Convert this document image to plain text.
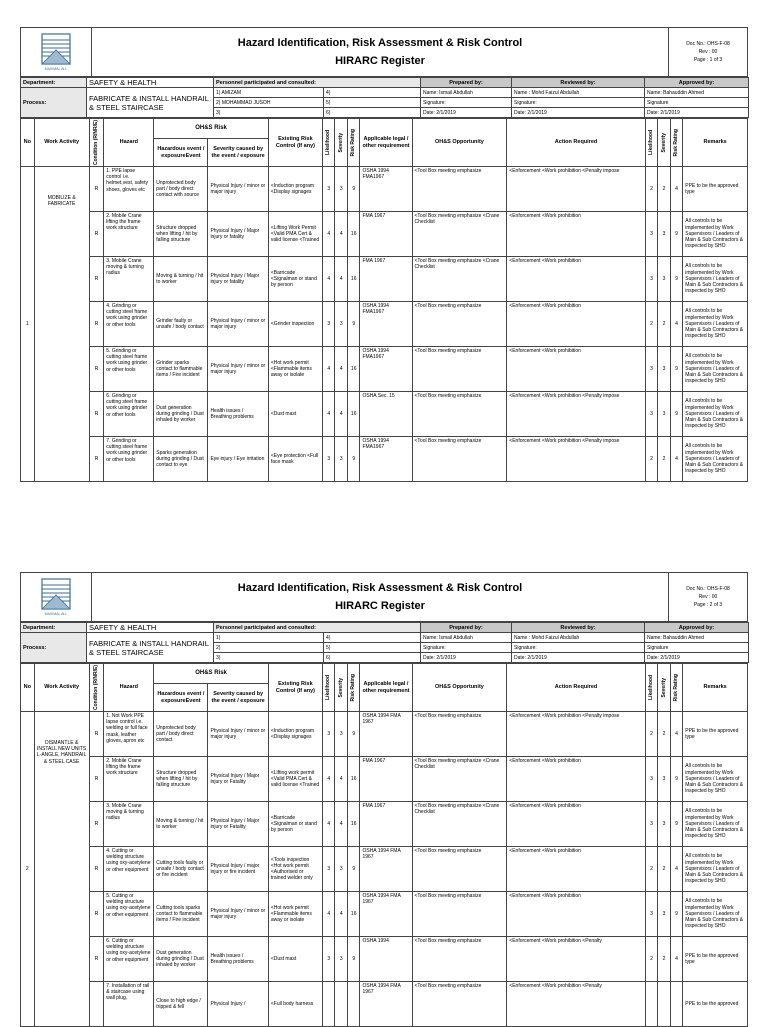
MAXIMAL ALL

Hazard Identification, Risk Assessment & Risk Control
HIRARC Register

Doc No.: OHS-F-08
Rev : 00
Page : 1 of 3
Department:	SAFETY & HEALTH	Personnel participated and consulted:		Prepared by:	Reviewed by:	Approved by:
Process:	FABRICATE & INSTALL HANDRAIL & STEEL STAIRCASE	1) AMIZAM	4)	Name: Ismail Abdullah	Name : Mohd Faizul Abdullah	Name: Bahauddin Ahmed
		2) MOHAMMAD JUSOH	5)	Signature:	Signature:	Signature
		3)	6)	Date: 2/1/2019	Date: 2/1/2019	Date: 2/1/2019
No	Work Activity	Condition (R/NR/E)	Hazard	OH&S Risk		Existing Risk Control (If any)	Likelihood	Severity	Risk Rating	Applicable legal / other requirement	OH&S Opportunity	Action Required	Likelihood	Severity	Risk Rating	Remarks
				Hazardous event / exposureEvent	Severity caused by the event / exposure											
1	MOBILIZE & FABRICATE	R	1. PPE lapse control i.e. helmet,vest, safety shoes, gloves etc	Unprotected body part / body direct contact with source	Physical Injury / minor or major injury	<Induction program <Display signages	3	3	9	OSHA 1994 FMA1967	<Tool Box meeting emphasize	<Enforcement <Work prohibition <Penalty impose	2	2	4	PPE to be the approved type
		R	2. Mobile Crane lifting the frame work structure	Structure dropped when lifting / hit by falling structure	Physical Injury / Major injury or fatality	<Lifting Work Permit <Valid PMA Cert & valid license <Trained	4	4	16	FMA 1967	<Tool Box meeting emphasize <Crane Checklist	<Enforcement <Work prohibition	3	3	9	All controls to be implemented by Work Supervisors / Leaders of Main & Sub Contractors & inspected by SHO
		R	3. Mobile Crane moving & turning radius	Moving & turning / hit to worker	Physical Injury / Major injury or fatality	<Barricade <Signalman or stand by person	4	4	16	FMA 1967	<Tool Box meeting emphasize <Crane Checklist	<Enforcement <Work prohibition	3	3	9	All controls to be implemented by Work Supervisors / Leaders of Main & Sub Contractors & inspected by SHO
		R	4. Grinding or cutting steel frame work using grinder or other tools	Grinder faulty or unsafe / body contact	Physical Injury / minor or major injury	<Grinder inspection	3	3	9	OSHA 1994 FMA1967	<Tool Box meeting emphasize	<Enforcement <Work prohibition	2	2	4	All controls to be implemented by Work Supervisors / Leaders of Main & Sub Contractors & inspected by SHO
		R	5. Grinding or cutting steel frame work using grinder or other tools	Grinder sparks contact to flammable items / Fire incident	Physical Injury / minor or major injury	<Hot work permit <Flammable items away or isolate	4	4	16	OSHA 1994 FMA1967	<Tool Box meeting emphasize	<Enforcement <Work prohibition	3	3	9	All controls to be implemented by Work Supervisors / Leaders of Main & Sub Contractors & inspected by SHO
		R	6. Grinding or cutting steel frame work using grinder or other tools	Dust generation during grinding / Dust inhaled by worker	Health issues / Breathing problems	<Dust mast	4	4	16	OSHA Sec. 15	<Tool Box meeting emphasize	<Enforcement <Work prohibition <Penalty impose	3	3	9	All controls to be implemented by Work Supervisors / Leaders of Main & Sub Contractors & inspected by SHO
		R	7. Grinding or cutting steel frame work using grinder or other tools	Sparks generation during grinding / Dust contact to eye	Eye injury / Eye irritation	<Eye protection <Full face mask	3	3	9	OSHA 1994 FMA1967	<Tool Box meeting emphasize	<Enforcement <Work prohibition <Penalty impose	2	2	4	All controls to be implemented by Work Supervisors / Leaders of Main & Sub Contractors & inspected by SHO
MAXIMAL ALL

Hazard Identification, Risk Assessment & Risk Control
HIRARC Register

Doc No.: OHS-F-08
Rev : 00
Page : 2 of 3
Department:	SAFETY & HEALTH	Personnel participated and consulted:		Prepared by:	Reviewed by:	Approved by:
Process:	FABRICATE & INSTALL HANDRAIL & STEEL STAIRCASE	1)	4)	Name: Ismail Abdullah	Name : Mohd Faizul Abdullah	Name: Bahauddin Ahmed
		2)	5)	Signature:	Signature:	Signature
		3)	6)	Date: 2/1/2019	Date: 2/1/2019	Date: 2/1/2019
No	Work Activity	Condition (R/NR/E)	Hazard	OH&S Risk		Existing Risk Control (If any)	Likelihood	Severity	Risk Rating	Applicable legal / other requirement	OH&S Opportunity	Action Required	Likelihood	Severity	Risk Rating	Remarks
				Hazardous event / exposureEvent	Severity caused by the event / exposure											
2	DISMANTLE & INSTALL NEW UNITS L-ANGLE, HANDRAIL & STEEL CASE	R	1. Not Work PPE lapse control i.e. welding or full face mask, leather gloves, apron etc	Unprotected body part / body direct contact	Physical Injury / minor or major injury	<Induction program <Display signages	3	3	9	OSHA 1994 FMA 1967	<Tool Box meeting emphasize	<Enforcement <Work prohibition <Penalty impose	2	2	4	PPE to be the approved type
		R	2. Mobile Crane lifting the frame work structure	Structure dropped when lifting / hit by falling structure	Physical Injury / Major injury or Fatality	<Lifting work permit <Valid PMA Cert & valid license <Trained	4	4	16	FMA 1967	<Tool Box meeting emphasize <Crane Checklist	<Enforcement <Work prohibition	3	3	9	All controls to be implemented by Work Supervisors / Leaders of Main & Sub Contractors & inspected by SHO
		R	3. Mobile Crane moving & turning radius	Moving & turning / hit to worker	Physical Injury / Major injury or Fatality	<Barricade <Signalman or stand by person	4	4	16	FMA 1967	<Tool Box meeting emphasize <Crane Checklist	<Enforcement <Work prohibition	3	3	9	All controls to be implemented by Work Supervisors / Leaders of Main & Sub Contractors & inspected by SHO
		R	4. Cutting or welding structure using oxy-acetylene or other equipment	Cutting tools faulty or unsafe / body contact or fire incident	Physical Injury / major injury or fire incident	<Tools inspection <Hot work permit <Authorised or trained welder only	3	3	9	OSHA 1994 FMA 1967	<Tool Box meeting emphasize	<Enforcement <Work prohibition	2	2	4	All controls to be implemented by Work Supervisors / Leaders of Main & Sub Contractors & inspected by SHO
		R	5. Cutting or welding structure using oxy-acetylene or other equipment	Cutting tools sparks contact to flammable items / Fire incident	Physical Injury / minor or major injury	<Hot work permit <Flammable items away or isolate	4	4	16	OSHA 1994 FMA 1967	<Tool Box meeting emphasize	<Enforcement <Work prohibition	3	3	9	All controls to be implemented by Work Supervisors / Leaders of Main & Sub Contractors & inspected by SHO
		R	6. Cutting or welding structure using oxy-acetylene or other equipment	Dust generation during grinding / Dust inhaled by worker	Health issues / Breathing problems	<Dust mast	3	3	9	OSHA 1994	<Tool Box meeting emphasize	<Enforcement <Work prohibition <Penalty	2	2	4	PPE to be the approved type
			7. Installation of rail & staircase using wall plug,	Close to high edge / tripped & fell	Physical Injury /	<Full body harness				OSHA 1994 FMA 1967	<Tool Box meeting emphasize	<Enforcement <Work prohibition <Penalty				PPE to be the approved
